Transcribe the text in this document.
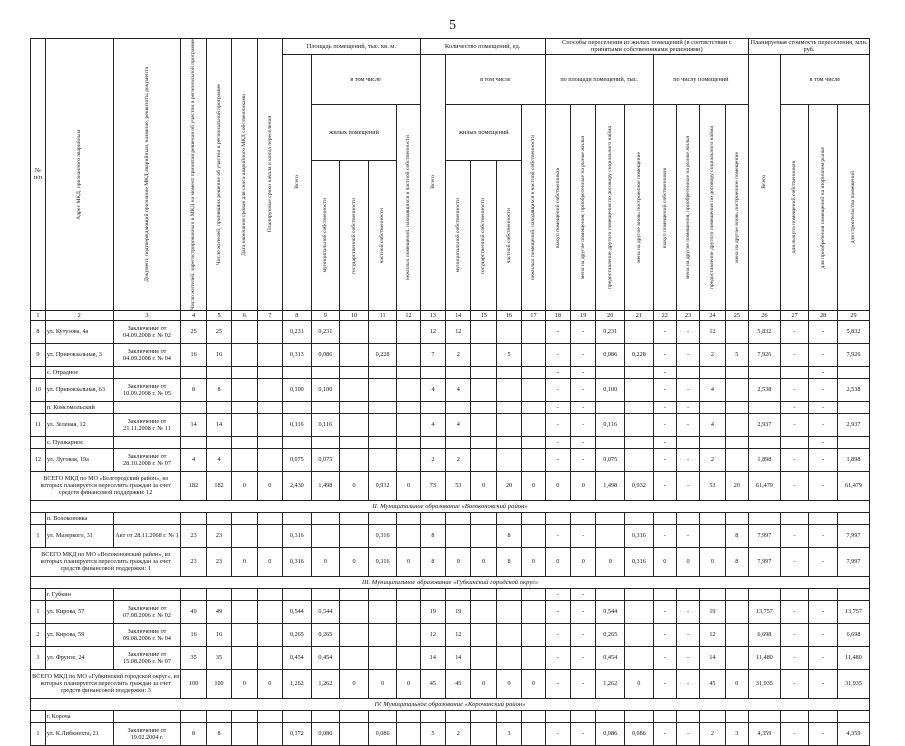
5
№ п/п	Адрес МКД, признанного аварийным	Документ, подтверждающий признание МКД аварийным, название, реквизиты документа	Число жителей, зарегистрированных в МКД на момент принятия решения об участии в региональной программе	Число жителей, принявших решение об участии в региональной программе	Дата окончания сроков для сноса аварийного МКД собственниками	Планируемые сроки начала и конца переселения	Площадь помещений, тыс. кв. м.					Количество помещений, ед.					Способы переселения из жилых помещений (в соответствии с принятыми собственниками решениями)								Планируемая стоимость переселения, млн. руб.			

							Всего	в том числе				Всего	в том числе				по площади помещений, тыс.				по числу помещений				Всего	в том числе		
								жилых помещений			нежилых помещений, находящихся в частной собственности		жилых помещений			нежилых помещений, находящихся в частной собственности	выкуп помещений собственников	мена на другие помещения, приобретенные на рынке жилья	предоставление другого помещения по договору социального найма	мена на другое вновь построенное помещение	выкуп помещений собственников	мена на другие помещения, приобретенные на рынке жилья	предоставление другого помещения по договору социального найма	мена на другое вновь построенное помещение		для выкупа помещений собственников	для приобретения помещений на вторичном рынке	для строительства помещений

								муниципальной собственности	государственной собственности	частной собственности			муниципальной собственности	государственной собственности	частной собственности													

1	2	3	4	5	6	7	8	9	10	11	12	13	14	15	16	17	18	19	20	21	22	23	24	25	26	27	28	29
8	ул. Кутузова, 4а	Заключение от 04.09.2008 г. № 02	25	25			0,231	0,231				12	12				-	-	0,231		-	-	12		5,832	-	-	5,832
9	ул. Привокзальная, 3	Заключение от 04.09.2008 г. № 04	16	16			0,313	0,086		0,228		7	2		5		-	-	0,086	0,228	-	-	2	5	7,926	-	-	7,926
	с. Отрадное																-	-			-						-	
10	ул. Привокзальная, 63	Заключение от 10.09.2008 г. № 05	8	8			0,100	0,100				4	4				-	-	0,100		-	-	4		2,538	-	-	2,538
	п. Комсомольский																-	-			-	-				-	-	
11	ул. Зеленая, 12	Заключение от 21.11.2008 г. № 11	14	14			0,116	0,116				4	4				-	-	0,116		-	-	4		2,937	-	-	2,937
	с. Пушкарное																-	-			-						-	
12	ул. Луговая, 19а	Заключение от 28.10.2008 г. № 07	4	4			0,075	0,075				2	2				-	-	0,075		-	-	2		1,898	-	-	1,898
ВСЕГО МКД по МО «Белгородский район», из которых планируется переселить граждан за счет средств финансовой поддержки: 12			182	182	0	0	2,430	1,498	0	0,932	0	73	53	0	20	0	0	0	1,498	0,932	-	-	53	20	61,479	-	-	61,479
II. Муниципальное образование «Волоконовский район»																												
	п. Волоконовка																											
1	ул. Мазеркого, 31	Акт от 28.11.2008 г. № 1	23	23			0,316			0,316		8			8		-	-		0,316	-	-		8	7,997	-	-	7,997
ВСЕГО МКД по МО «Волоконовский район», из которых планируется переселить граждан за счет средств финансовой поддержки: 1			23	23	0	0	0,316	0	0	0,316	0	8	0	0	8	0	0	0	0	0,316	0	0	0	8	7,997	-	-	7,997
III. Муниципальное образование «Губкинский городской округ»																												
	г. Губкин																-	-										
1	ул. Кирова, 57	Заключение от 07.08.2006 г. № 02	49	49			0,544	0,544				19	19				-	-	0,544		-	-	19		13,757	-	-	13,757
2	ул. Кирова, 59	Заключение от 09.08.2006 г. № 04	16	16			0,265	0,265				12	12				-	-	0,265		-	-	12		6,698	-	-	6,698
3	ул. Фрунзе, 24	Заключение от 15.08.2006 г. № 07	35	35			0,454	0,454				14	14				-	-	0,454		-	-	14		11,480	-	-	11,480
ВСЕГО МКД по МО «Губкинский городской округ», из которых планируется переселить граждан за счет средств финансовой поддержки: 3			100	100	0	0	1,262	1,262	0	0	0	45	45	0	0	0	-	-	1,262	0	-	-	45	0	31,935	-	-	31,935
IV. Муниципальное образование «Корочанский район»																												
	г. Короча																											
1	ул. К.Либкнехта, 21	Заключение от 19.02.2004 г.	8	8			0,172	0,086		0,086		5	2		3		-	-	0,086	0,086	-	-	2	3	4,359	-	-	4,359
